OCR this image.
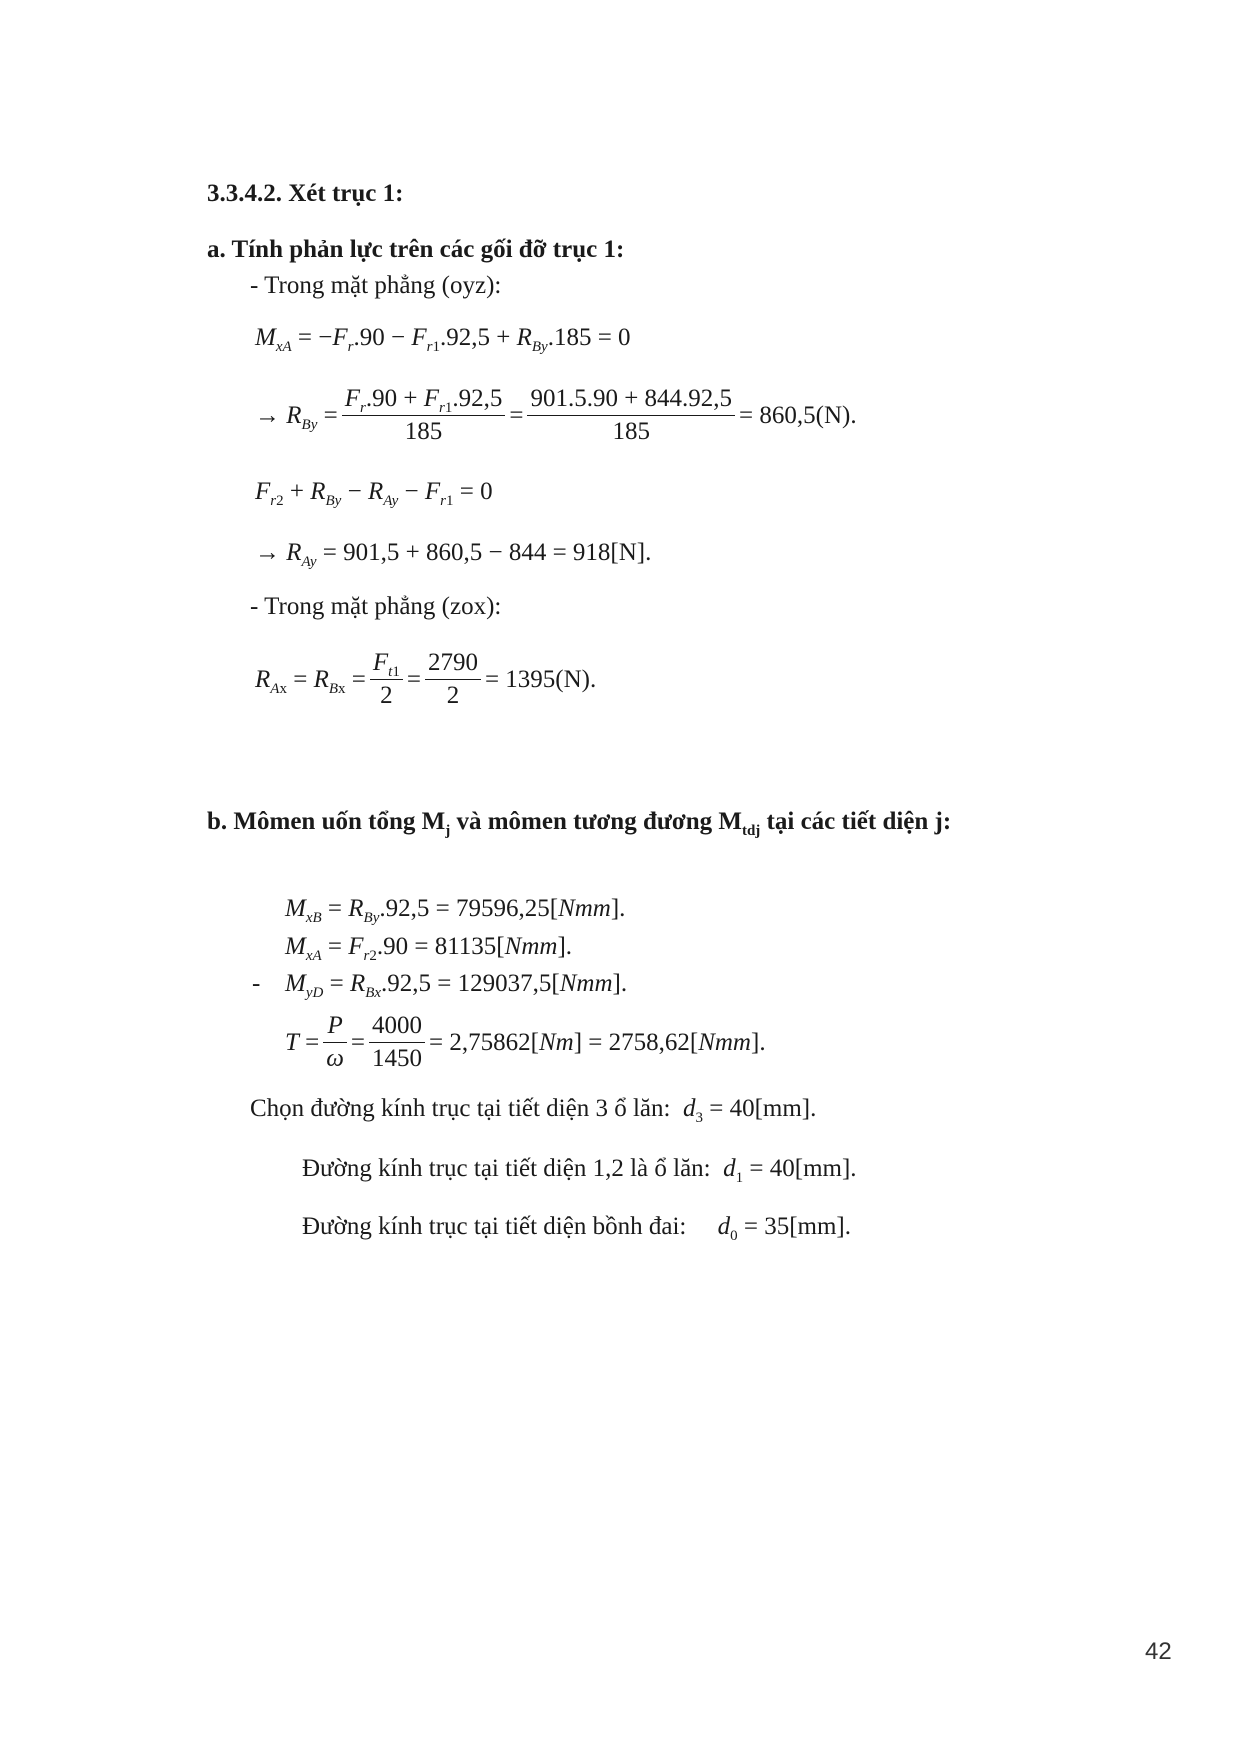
3.3.4.2. Xét trục 1:
a. Tính phản lực trên các gối đỡ trục 1:
- Trong mặt phẳng (oyz):
$M_{xA} = -F_r.90 - F_{r1}.92,5 + R_{By}.185 = 0$
→ $R_{By} = \frac{F_r.90 + F_{r1}.92,5}{185} = \frac{901.5.90 + 844.92,5}{185} = 860,5(N)$.
$F_{r2} + R_{By} - R_{Ay} - F_{r1} = 0$
→ $R_{Ay} = 901,5 + 860,5 - 844 = 918[N]$.
- Trong mặt phẳng (zox):
$R_{Ax} = R_{Bx} = \frac{F_{t1}}{2} = \frac{2790}{2} = 1395(N)$.
b. Mômen uốn tổng $M_j$ và mômen tương đương $M_{tdj}$ tại các tiết diện j:
-
$M_{xB} = R_{By}.92,5 = 79596,25[Nmm]$.
$M_{xA} = F_{r2}.90 = 81135[Nmm]$.
$M_{yD} = R_{Bx}.92,5 = 129037,5[Nmm]$.
$T = \frac{P}{\omega} = \frac{4000}{1450} = 2,75862[Nm] = 2758,62[Nmm]$.
Chọn đường kính trục tại tiết diện 3 ổ lăn: $d_3 = 40[mm]$.
Đường kính trục tại tiết diện 1,2 là ổ lăn: $d_1 = 40[mm]$.
Đường kính trục tại tiết diện bồnh đai: $d_0 = 35[mm]$.
42
